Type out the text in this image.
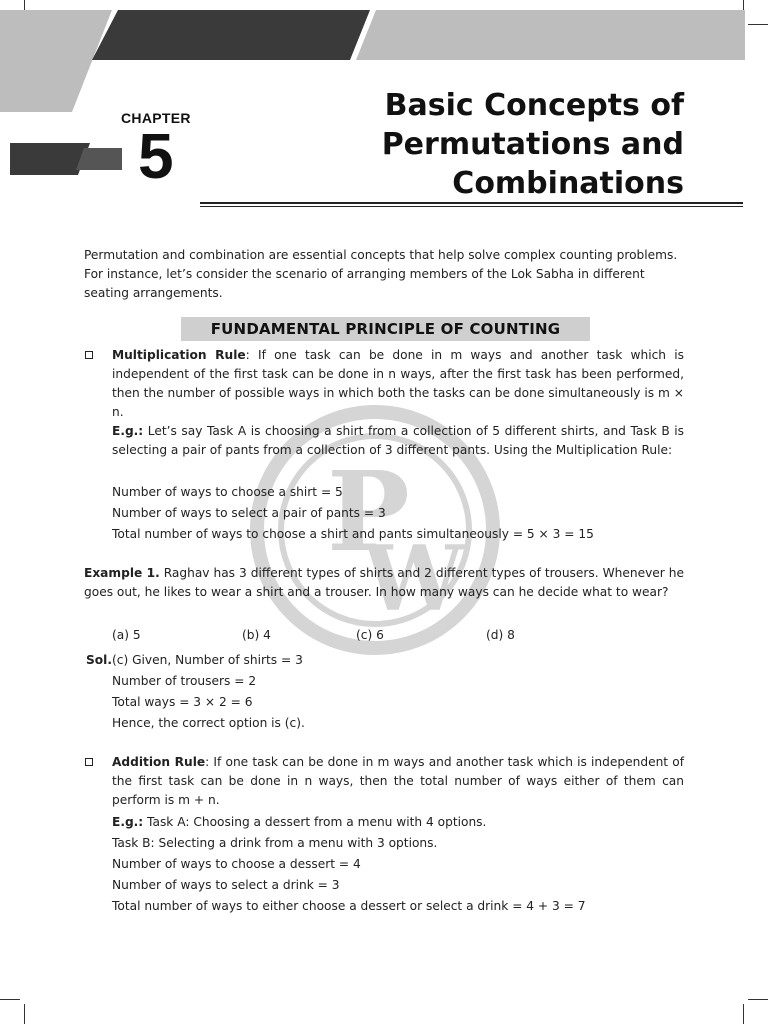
CHAPTER
5
Basic Concepts of
Permutations and
Combinations
P
W
Permutation and combination are essential concepts that help solve complex counting problems. For instance, let’s consider the scenario of arranging members of the Lok Sabha in different seating arrangements.
FUNDAMENTAL PRINCIPLE OF COUNTING
Multiplication Rule: If one task can be done in m ways and another task which is independent of the first task can be done in n ways, after the first task has been performed, then the number of possible ways in which both the tasks can be done simultaneously is m × n.
E.g.: Let’s say Task A is choosing a shirt from a collection of 5 different shirts, and Task B is selecting a pair of pants from a collection of 3 different pants. Using the Multiplication Rule:
Number of ways to choose a shirt = 5
Number of ways to select a pair of pants = 3
Total number of ways to choose a shirt and pants simultaneously = 5 × 3 = 15
Example 1. Raghav has 3 different types of shirts and 2 different types of trousers. Whenever he goes out, he likes to wear a shirt and a trouser. In how many ways can he decide what to wear?
(a) 5	(b) 4	(c) 6	(d) 8
Sol. (c) Given, Number of shirts = 3
Number of trousers = 2
Total ways = 3 × 2 = 6
Hence, the correct option is (c).
Addition Rule: If one task can be done in m ways and another task which is independent of the first task can be done in n ways, then the total number of ways either of them can perform is m + n.
E.g.: Task A: Choosing a dessert from a menu with 4 options.
Task B: Selecting a drink from a menu with 3 options.
Number of ways to choose a dessert = 4
Number of ways to select a drink = 3
Total number of ways to either choose a dessert or select a drink = 4 + 3 = 7
